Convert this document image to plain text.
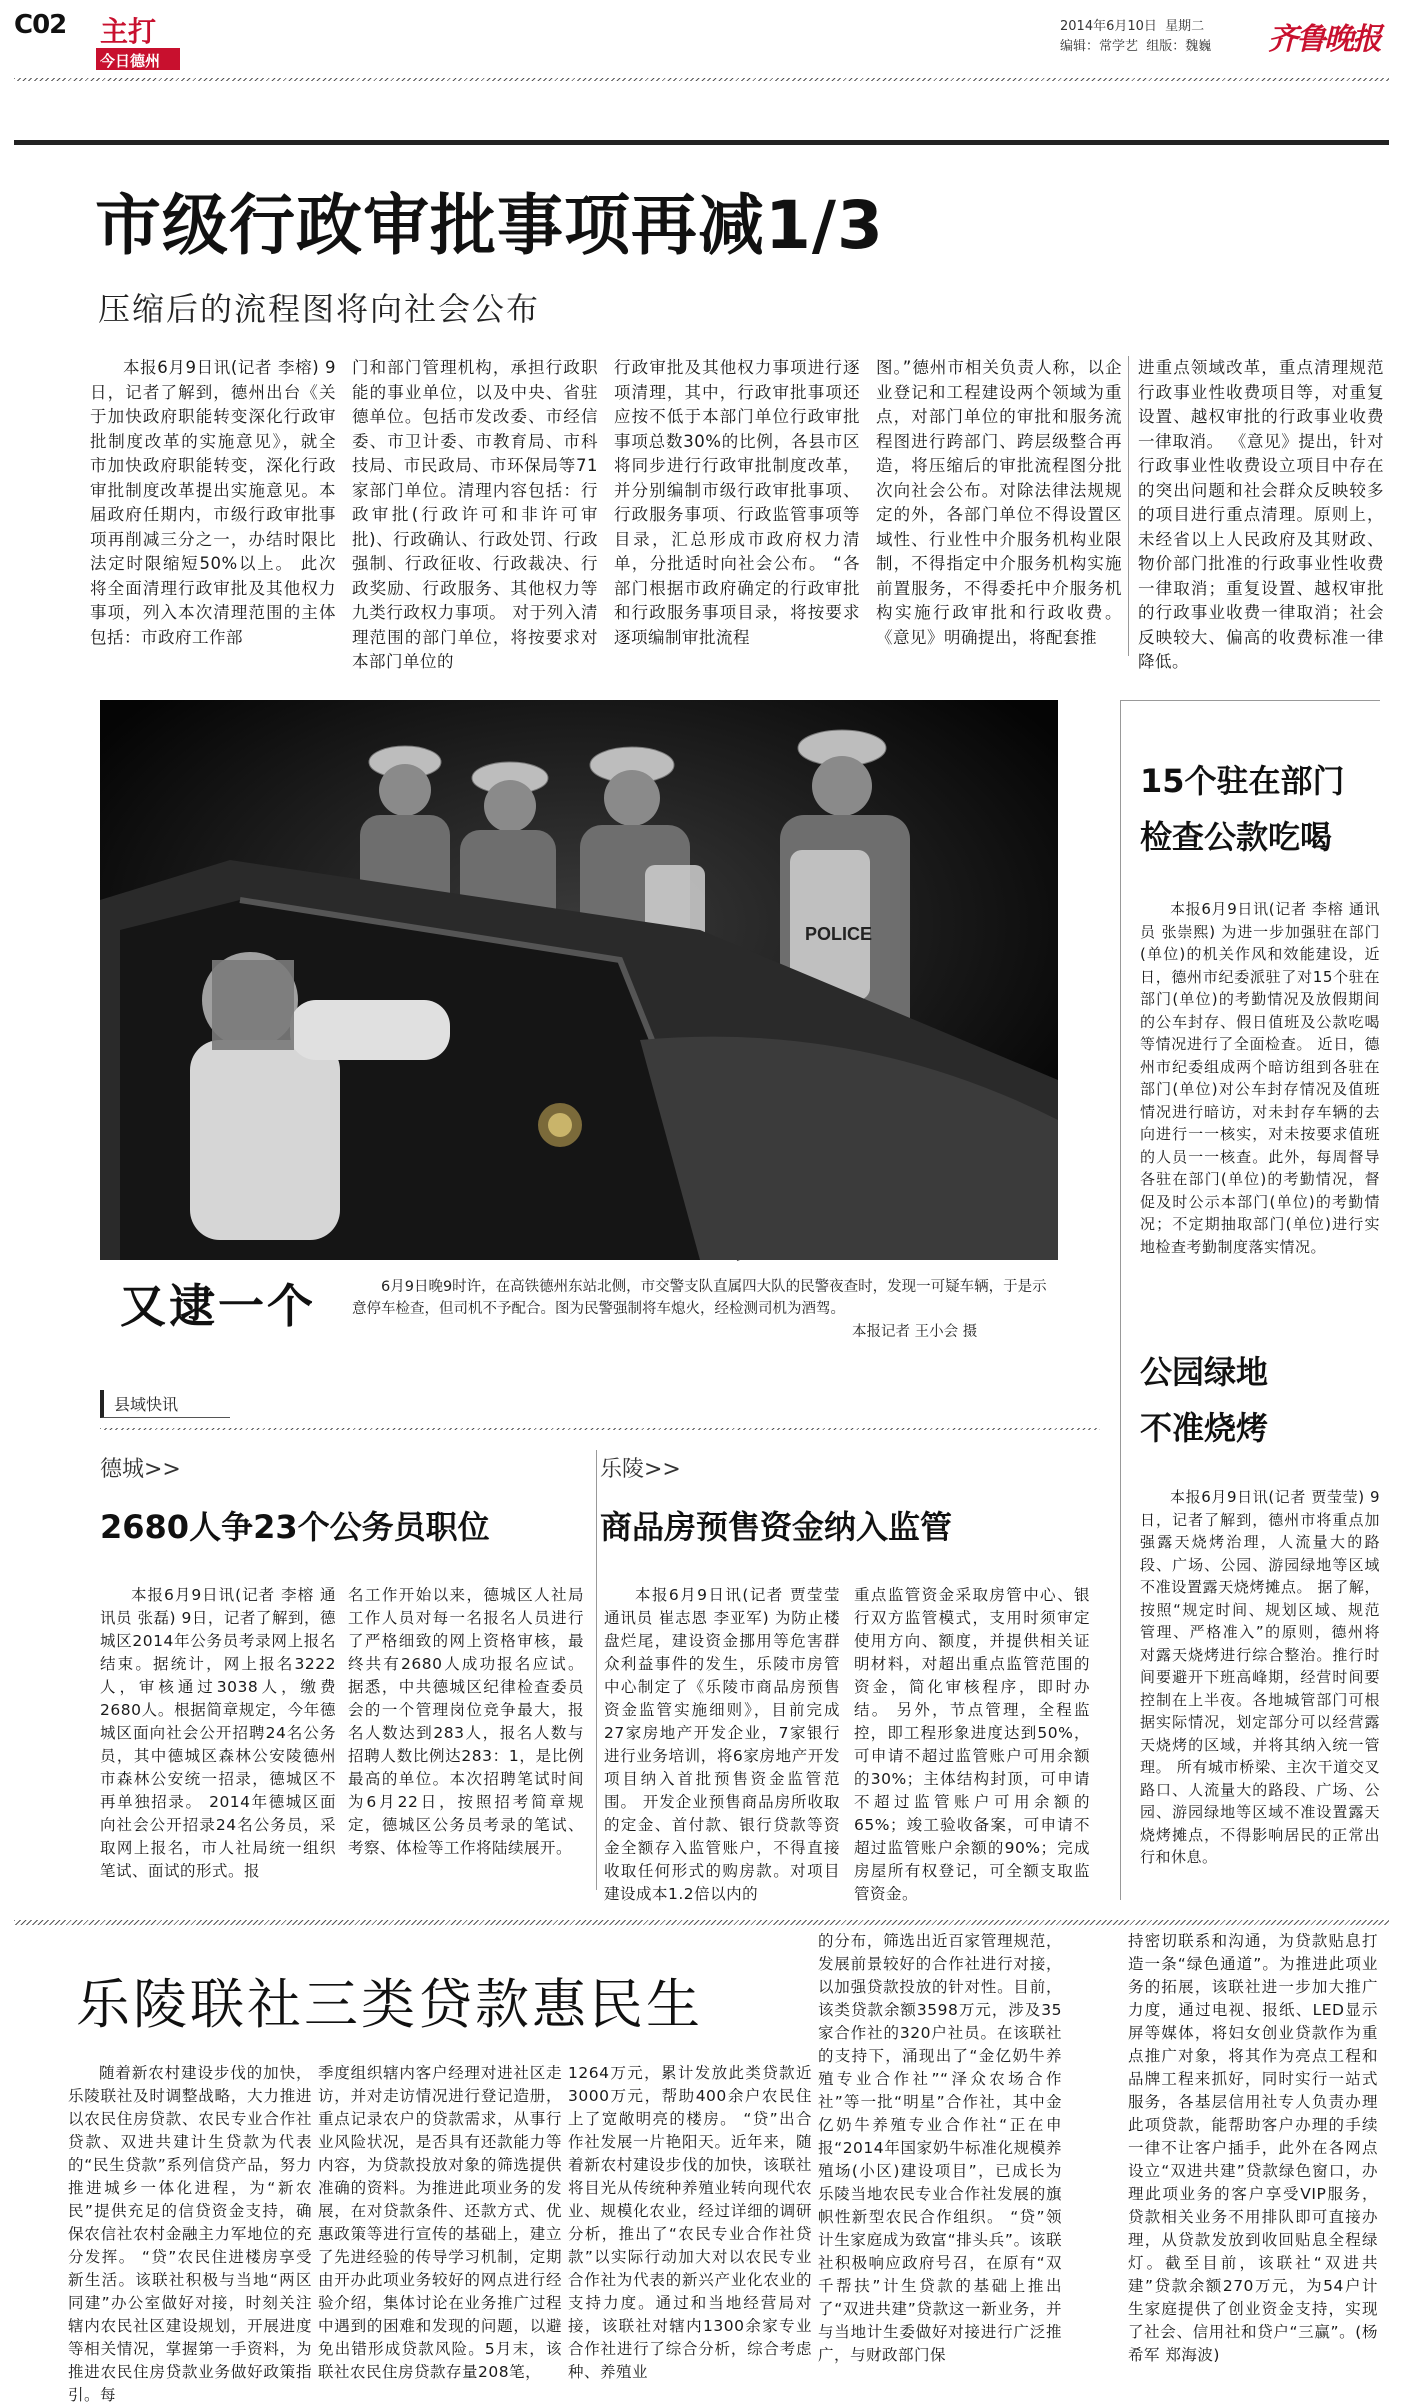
C02 主打
今日德州
2014年6月10日 星期二
编辑：常学艺 组版：魏巍 齐鲁晚报
市级行政审批事项再减1/3
压缩后的流程图将向社会公布

本报6月9日讯(记者 李榕) 9日，记者了解到，德州出台《关于加快政府职能转变深化行政审批制度改革的实施意见》，就全市加快政府职能转变，深化行政审批制度改革提出实施意见。本届政府任期内，市级行政审批事项再削减三分之一，办结时限比法定时限缩短50%以上。 此次将全面清理行政审批及其他权力事项，列入本次清理范围的主体包括：市政府工作部

门和部门管理机构，承担行政职能的事业单位，以及中央、省驻德单位。包括市发改委、市经信委、市卫计委、市教育局、市科技局、市民政局、市环保局等71家部门单位。清理内容包括：行政审批(行政许可和非许可审批)、行政确认、行政处罚、行政强制、行政征收、行政裁决、行政奖励、行政服务、其他权力等九类行政权力事项。 对于列入清理范围的部门单位，将按要求对本部门单位的

行政审批及其他权力事项进行逐项清理，其中，行政审批事项还应按不低于本部门单位行政审批事项总数30%的比例，各县市区将同步进行行政审批制度改革，并分别编制市级行政审批事项、行政服务事项、行政监管事项等目录，汇总形成市政府权力清单，分批适时向社会公布。 “各部门根据市政府确定的行政审批和行政服务事项目录，将按要求逐项编制审批流程

图。”德州市相关负责人称，以企业登记和工程建设两个领域为重点，对部门单位的审批和服务流程图进行跨部门、跨层级整合再造，将压缩后的审批流程图分批次向社会公布。对除法律法规规定的外，各部门单位不得设置区域性、行业性中介服务机构业限制，不得指定中介服务机构实施前置服务，不得委托中介服务机构实施行政审批和行政收费。 《意见》明确提出，将配套推

进重点领域改革，重点清理规范行政事业性收费项目等，对重复设置、越权审批的行政事业收费一律取消。 《意见》提出，针对行政事业性收费设立项目中存在的突出问题和社会群众反映较多的项目进行重点清理。原则上，未经省以上人民政府及其财政、物价部门批准的行政事业性收费一律取消；重复设置、越权审批的行政事业收费一律取消；社会反映较大、偏高的收费标准一律降低。

POLICE
又逮一个	6月9日晚9时许，在高铁德州东站北侧，市交警支队直属四大队的民警夜查时，发现一可疑车辆，于是示意停车检查，但司机不予配合。图为民警强制将车熄火，经检测司机为酒驾。
本报记者 王小会 摄
15个驻在部门
检查公款吃喝

本报6月9日讯(记者 李榕 通讯员 张崇熙) 为进一步加强驻在部门(单位)的机关作风和效能建设，近日，德州市纪委派驻了对15个驻在部门(单位)的考勤情况及放假期间的公车封存、假日值班及公款吃喝等情况进行了全面检查。 近日，德州市纪委组成两个暗访组到各驻在部门(单位)对公车封存情况及值班情况进行暗访，对未封存车辆的去向进行一一核实，对未按要求值班的人员一一核查。此外，每周督导各驻在部门(单位)的考勤情况，督促及时公示本部门(单位)的考勤情况；不定期抽取部门(单位)进行实地检查考勤制度落实情况。

公园绿地
不准烧烤

本报6月9日讯(记者 贾莹莹) 9日，记者了解到，德州市将重点加强露天烧烤治理，人流量大的路段、广场、公园、游园绿地等区域不准设置露天烧烤摊点。 据了解，按照“规定时间、规划区域、规范管理、严格准入”的原则，德州将对露天烧烤进行综合整治。推行时间要避开下班高峰期，经营时间要控制在上半夜。各地城管部门可根据实际情况，划定部分可以经营露天烧烤的区域，并将其纳入统一管理。 所有城市桥梁、主次干道交叉路口、人流量大的路段、广场、公园、游园绿地等区域不准设置露天烧烤摊点，不得影响居民的正常出行和休息。

县域快讯
德城>>
2680人争23个公务员职位

本报6月9日讯(记者 李榕 通讯员 张磊) 9日，记者了解到，德城区2014年公务员考录网上报名结束。据统计，网上报名3222人，审核通过3038人，缴费2680人。根据简章规定，今年德城区面向社会公开招聘24名公务员，其中德城区森林公安陵德州市森林公安统一招录，德城区不再单独招录。 2014年德城区面向社会公开招录24名公务员，采取网上报名，市人社局统一组织笔试、面试的形式。报

名工作开始以来，德城区人社局工作人员对每一名报名人员进行了严格细致的网上资格审核，最终共有2680人成功报名应试。 据悉，中共德城区纪律检查委员会的一个管理岗位竞争最大，报名人数达到283人，报名人数与招聘人数比例达283：1，是比例最高的单位。本次招聘笔试时间为6月22日，按照招考简章规定，德城区公务员考录的笔试、考察、体检等工作将陆续展开。

乐陵>>
商品房预售资金纳入监管

本报6月9日讯(记者 贾莹莹 通讯员 崔志恩 李亚军) 为防止楼盘烂尾，建设资金挪用等危害群众利益事件的发生，乐陵市房管中心制定了《乐陵市商品房预售资金监管实施细则》，目前完成27家房地产开发企业，7家银行进行业务培训，将6家房地产开发项目纳入首批预售资金监管范围。 开发企业预售商品房所收取的定金、首付款、银行贷款等资金全额存入监管账户，不得直接收取任何形式的购房款。对项目建设成本1.2倍以内的

重点监管资金采取房管中心、银行双方监管模式，支用时须审定使用方向、额度，并提供相关证明材料，对超出重点监管范围的资金，简化审核程序，即时办结。 另外，节点管理，全程监控，即工程形象进度达到50%，可申请不超过监管账户可用余额的30%；主体结构封顶，可申请不超过监管账户可用余额的65%；竣工验收备案，可申请不超过监管账户余额的90%；完成房屋所有权登记，可全额支取监管资金。

乐陵联社三类贷款惠民生

随着新农村建设步伐的加快，乐陵联社及时调整战略，大力推进以农民住房贷款、农民专业合作社贷款、双进共建计生贷款为代表的“民生贷款”系列信贷产品，努力推进城乡一体化进程，为“新农民”提供充足的信贷资金支持，确保农信社农村金融主力军地位的充分发挥。 “贷”农民住进楼房享受新生活。该联社积极与当地“两区同建”办公室做好对接，时刻关注辖内农民社区建设规划，开展进度等相关情况，掌握第一手资料，为推进农民住房贷款业务做好政策指引。每

季度组织辖内客户经理对进社区走访，并对走访情况进行登记造册，重点记录农户的贷款需求，从事行业风险状况，是否具有还款能力等内容，为贷款投放对象的筛选提供准确的资料。为推进此项业务的发展，在对贷款条件、还款方式、优惠政策等进行宣传的基础上，建立了先进经验的传导学习机制，定期由开办此项业务较好的网点进行经验介绍，集体讨论在业务推广过程中遇到的困难和发现的问题，以避免出错形成贷款风险。5月末，该联社农民住房贷款存量208笔，

1264万元，累计发放此类贷款近3000万元，帮助400余户农民住上了宽敞明亮的楼房。 “贷”出合作社发展一片艳阳天。近年来，随着新农村建设步伐的加快，该联社将目光从传统种养殖业转向现代农业、规模化农业，经过详细的调研分析，推出了“农民专业合作社贷款”以实际行动加大对以农民专业合作社为代表的新兴产业化农业的支持力度。通过和当地经营局对接，该联社对辖内1300余家专业合作社进行了综合分析，综合考虑种、养殖业

的分布，筛选出近百家管理规范，发展前景较好的合作社进行对接，以加强贷款投放的针对性。目前，该类贷款余额3598万元，涉及35家合作社的320户社员。在该联社的支持下，涌现出了“金亿奶牛养殖专业合作社”“泽众农场合作社”等一批“明星”合作社，其中金亿奶牛养殖专业合作社“正在申报“2014年国家奶牛标准化规模养殖场(小区)建设项目”，已成长为乐陵当地农民专业合作社发展的旗帜性新型农民合作组织。 “贷”领计生家庭成为致富“排头兵”。该联社积极响应政府号召，在原有“双千帮扶”计生贷款的基础上推出了“双进共建”贷款这一新业务，并与当地计生委做好对接进行广泛推广，与财政部门保

持密切联系和沟通，为贷款贴息打造一条“绿色通道”。为推进此项业务的拓展，该联社进一步加大推广力度，通过电视、报纸、LED显示屏等媒体，将妇女创业贷款作为重点推广对象，将其作为亮点工程和品牌工程来抓好，同时实行一站式服务，各基层信用社专人负责办理此项贷款，能帮助客户办理的手续一律不让客户插手，此外在各网点设立“双进共建”贷款绿色窗口，办理此项业务的客户享受VIP服务，贷款相关业务不用排队即可直接办理，从贷款发放到收回贴息全程绿灯。截至目前，该联社“双进共建”贷款余额270万元，为54户计生家庭提供了创业资金支持，实现了社会、信用社和贷户“三赢”。(杨希军 郑海波)
